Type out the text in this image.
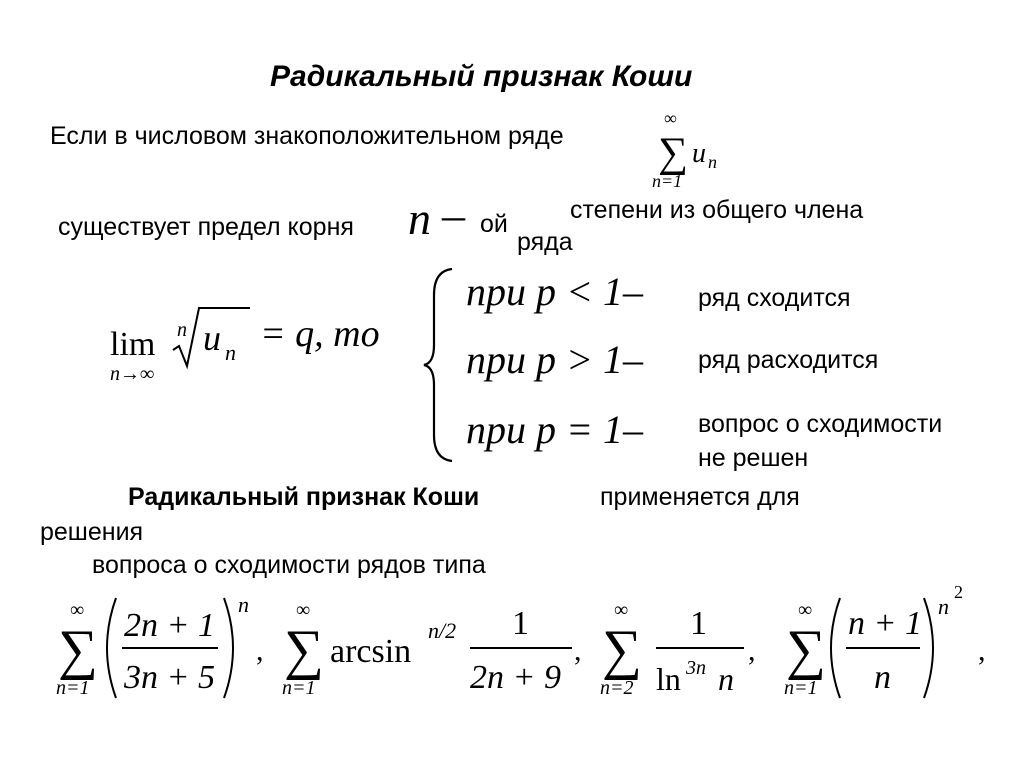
Радикальный признак Коши
Если в числовом знакоположительном ряде
∞
∑ u n
n=1
существует предел корня n – ой степени из общего члена
ряда
lim
n→∞
n u n = q, то
при p < 1– ряд сходится
при p > 1– ряд расходится
при p = 1– вопрос о сходимости
не решен
Радикальный признак Коши	применяется для
решения
вопроса о сходимости рядов типа
∞
∑
n=1
2n + 1
3n + 5
n
,
∞
∑
n=1
arcsin
n/2 1
2n + 9
,
∞
∑
n=2
1
ln 3n n
,
∞
∑
n=1
n + 1
n
n
2
,
